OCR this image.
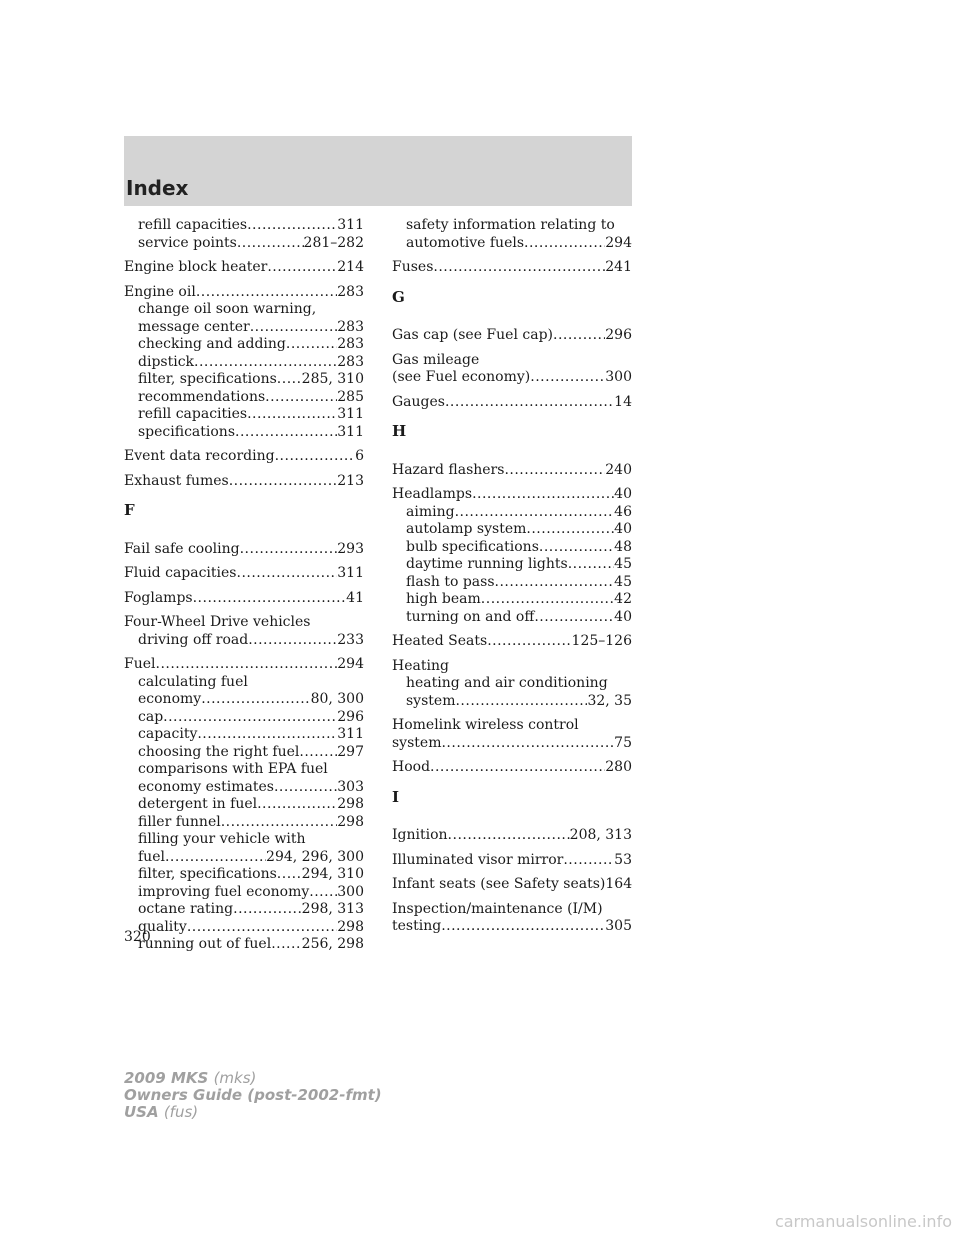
Index
refill capacities .....	311
service points .....	281–282
Engine block heater .....	214
Engine oil .....	283
change oil soon warning,
message center .....	283
checking and adding .....	283
dipstick .....	283
filter, specifications ..... 285, 310
recommendations .....	285
refill capacities .....	311
specifications .....	311
Event data recording .....	6
Exhaust fumes .....	213
F
Fail safe cooling .....	293
Fluid capacities .....	311
Foglamps .....	41
Four-Wheel Drive vehicles
driving off road .....	233
Fuel .....	294
calculating fuel
economy .....	80, 300
cap .....	296
capacity .....	311
choosing the right fuel .....	297
comparisons with EPA fuel
economy estimates .....	303
detergent in fuel .....	298
filler funnel .....	298
filling your vehicle with
fuel .....	294, 296, 300
filter, specifications ..... 294, 310
improving fuel economy ..... 300
octane rating .....	298, 313
quality .....	298
running out of fuel ..... 256, 298
safety information relating to
automotive fuels .....	294
Fuses .....	241
G
Gas cap (see Fuel cap) .....	296
Gas mileage
(see Fuel economy) .....	300
Gauges .....	14
H
Hazard flashers .....	240
Headlamps .....	40
aiming .....	46
autolamp system .....	40
bulb specifications .....	48
daytime running lights .....	45
flash to pass .....	45
high beam .....	42
turning on and off .....	40
Heated Seats .....	125–126
Heating
heating and air conditioning
system .....	32, 35
Homelink wireless control
system .....	75
Hood .....	280
I
Ignition .....	208, 313
Illuminated visor mirror .....	53
Infant seats (see Safety seats) 164
Inspection/maintenance (I/M)
testing .....	305
320
2009 MKS (mks)
Owners Guide (post-2002-fmt)
USA (fus)
carmanualsonline.info
